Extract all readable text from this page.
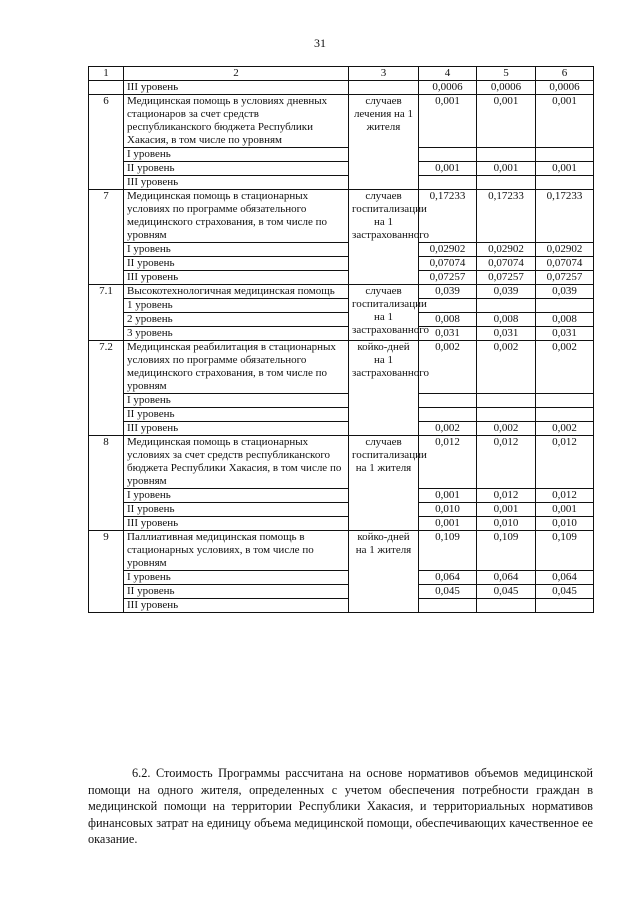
31
1	2	3	4	5	6
	III уровень		0,0006	0,0006	0,0006
6	Медицинская помощь в условиях дневных стационаров за счет средств республиканского бюджета Республики Хакасия, в том числе по уровням	случаев лечения на 1 жителя	0,001	0,001	0,001
	I уровень				
	II уровень		0,001	0,001	0,001
	III уровень				
7	Медицинская помощь в стационарных условиях по программе обязательного медицинского страхования, в том числе по уровням	случаев госпитализации на 1 застрахованного	0,17233	0,17233	0,17233
	I уровень		0,02902	0,02902	0,02902
	II уровень		0,07074	0,07074	0,07074
	III уровень		0,07257	0,07257	0,07257
7.1	Высокотехнологичная медицинская помощь	случаев госпитализации на 1 застрахованного	0,039	0,039	0,039
	1 уровень				
	2 уровень		0,008	0,008	0,008
	3 уровень		0,031	0,031	0,031
7.2	Медицинская реабилитация в стационарных условиях по программе обязательного медицинского страхования, в том числе по уровням	койко-дней на 1 застрахованного	0,002	0,002	0,002
	I уровень				
	II уровень				
	III уровень		0,002	0,002	0,002
8	Медицинская помощь в стационарных условиях за счет средств республиканского бюджета Республики Хакасия, в том числе по уровням	случаев госпитализации на 1 жителя	0,012	0,012	0,012
	I уровень		0,001	0,012	0,012
	II уровень		0,010	0,001	0,001
	III уровень		0,001	0,010	0,010
9	Паллиативная медицинская помощь в стационарных условиях, в том числе по уровням	койко-дней на 1 жителя	0,109	0,109	0,109
	I уровень		0,064	0,064	0,064
	II уровень		0,045	0,045	0,045
	III уровень				
6.2. Стоимость Программы рассчитана на основе нормативов объемов медицинской помощи на одного жителя, определенных с учетом обеспечения потребности граждан в медицинской помощи на территории Республики Хакасия, и территориальных нормативов финансовых затрат на единицу объема медицинской помощи, обеспечивающих качественное ее оказание.
